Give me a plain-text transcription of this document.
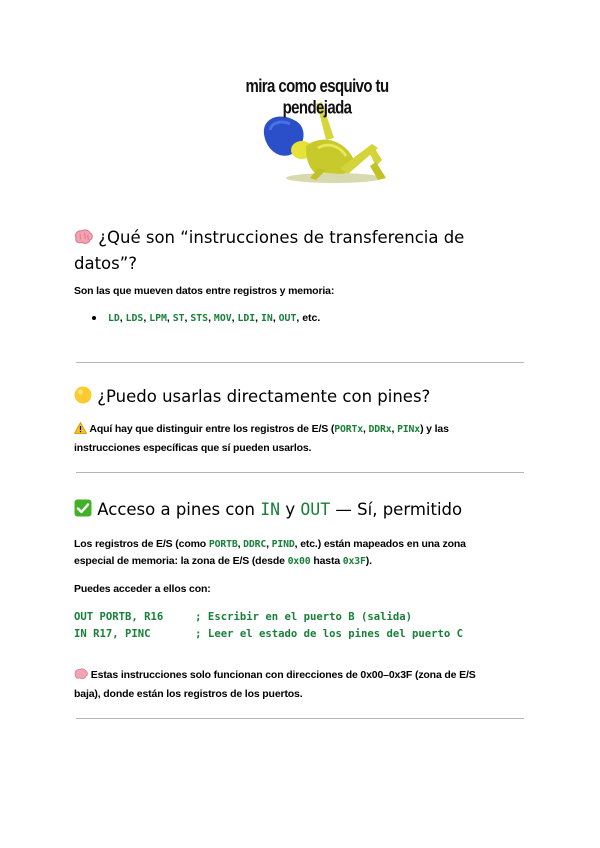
mira como esquivo tu pendejada
¿Qué son “instrucciones de transferencia de
datos”?

Son las que mueven datos entre registros y memoria:

LD, LDS, LPM, ST, STS, MOV, LDI, IN, OUT, etc.
¿Puedo usarlas directamente con pines?

Aquí hay que distinguir entre los registros de E/S (PORTx, DDRx, PINx) y las
instrucciones específicas que sí pueden usarlos.

Acceso a pines con IN y OUT — Sí, permitido

Los registros de E/S (como PORTB, DDRC, PIND, etc.) están mapeados en una zona
especial de memoria: la zona de E/S (desde 0x00 hasta 0x3F).

Puedes acceder a ellos con:

OUT PORTB, R16     ; Escribir en el puerto B (salida)
IN R17, PINC       ; Leer el estado de los pines del puerto C

Estas instrucciones solo funcionan con direcciones de 0x00–0x3F (zona de E/S
baja), donde están los registros de los puertos.
